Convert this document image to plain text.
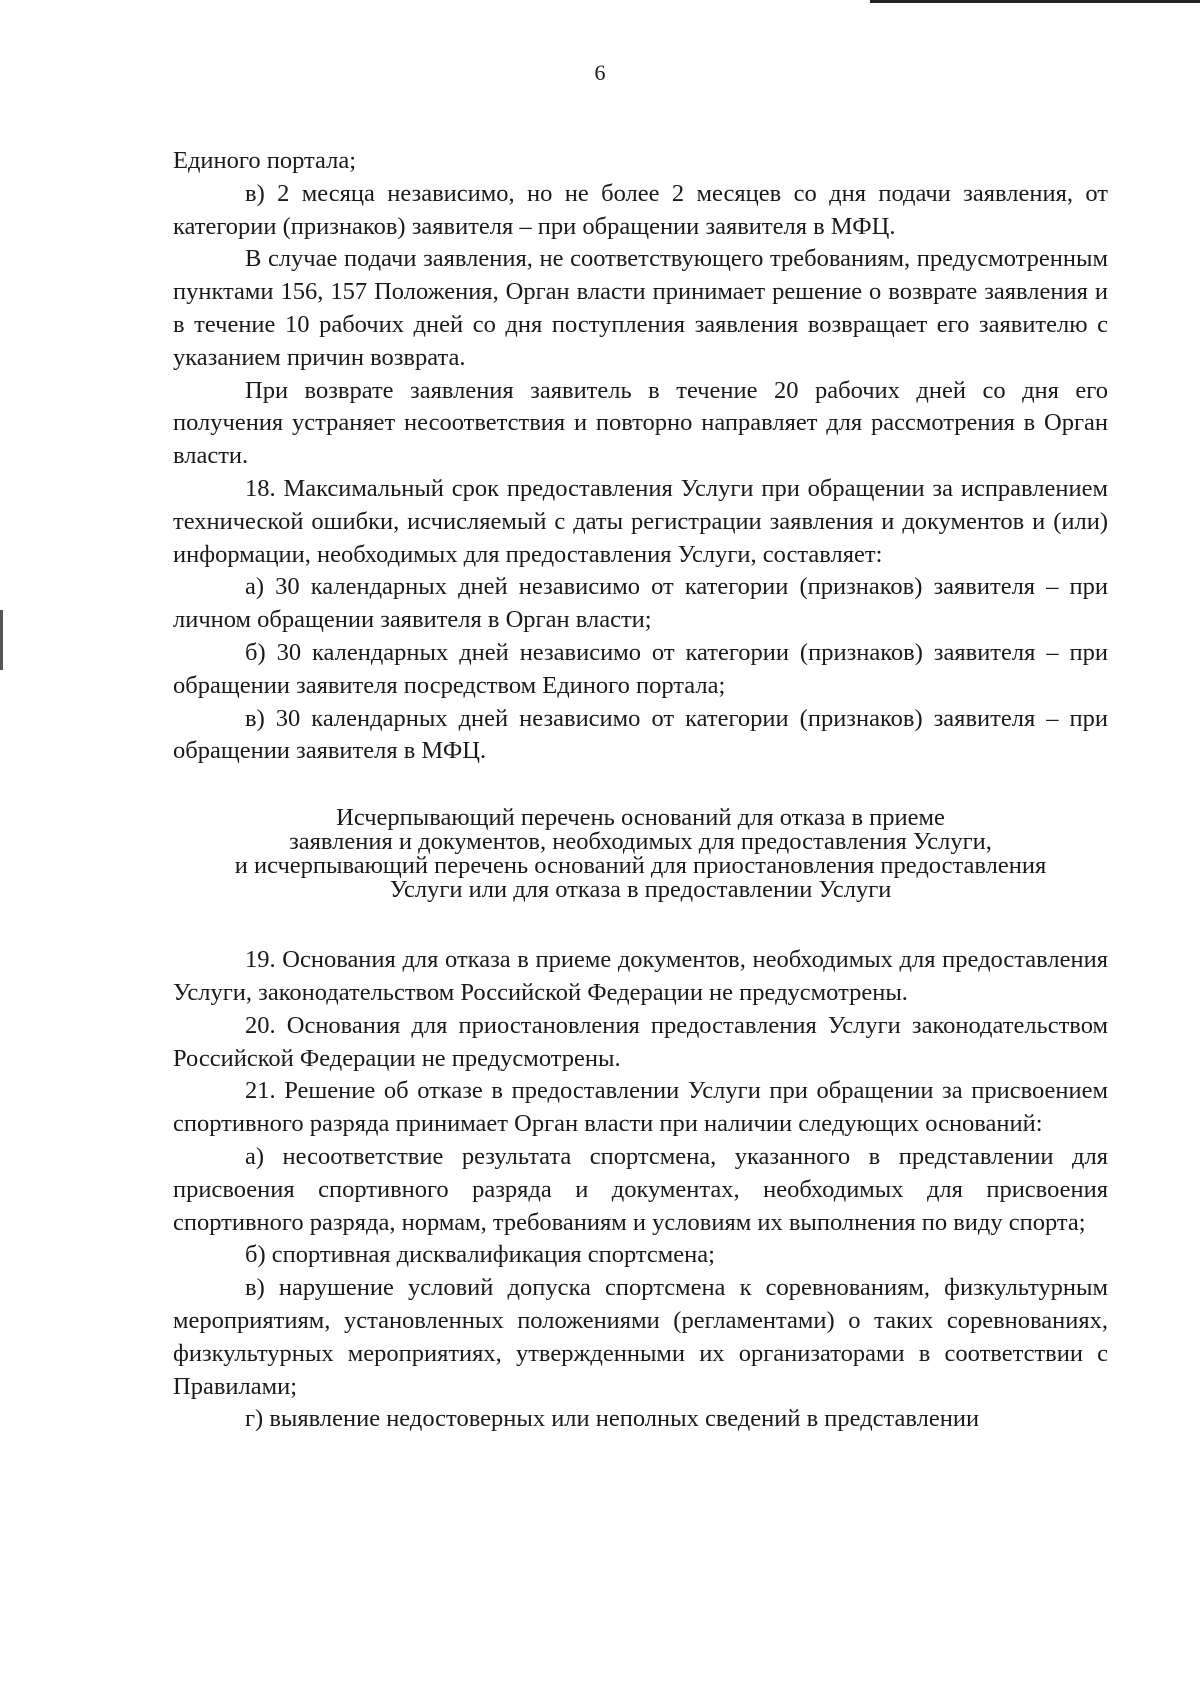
6

Единого портала;

в) 2 месяца независимо, но не более 2 месяцев со дня подачи заявления, от категории (признаков) заявителя – при обращении заявителя в МФЦ.

В случае подачи заявления, не соответствующего требованиям, предусмотренным пунктами 156, 157 Положения, Орган власти принимает решение о возврате заявления и в течение 10 рабочих дней со дня поступления заявления возвращает его заявителю с указанием причин возврата.

При возврате заявления заявитель в течение 20 рабочих дней со дня его получения устраняет несоответствия и повторно направляет для рассмотрения в Орган власти.

18. Максимальный срок предоставления Услуги при обращении за исправлением технической ошибки, исчисляемый с даты регистрации заявления и документов и (или) информации, необходимых для предоставления Услуги, составляет:

а) 30 календарных дней независимо от категории (признаков) заявителя – при личном обращении заявителя в Орган власти;

б) 30 календарных дней независимо от категории (признаков) заявителя – при обращении заявителя посредством Единого портала;

в) 30 календарных дней независимо от категории (признаков) заявителя – при обращении заявителя в МФЦ.

Исчерпывающий перечень оснований для отказа в приеме
заявления и документов, необходимых для предоставления Услуги,
и исчерпывающий перечень оснований для приостановления предоставления
Услуги или для отказа в предоставлении Услуги

19. Основания для отказа в приеме документов, необходимых для предоставления Услуги, законодательством Российской Федерации не предусмотрены.

20. Основания для приостановления предоставления Услуги законодательством Российской Федерации не предусмотрены.

21. Решение об отказе в предоставлении Услуги при обращении за присвоением спортивного разряда принимает Орган власти при наличии следующих оснований:

а) несоответствие результата спортсмена, указанного в представлении для присвоения спортивного разряда и документах, необходимых для присвоения спортивного разряда, нормам, требованиям и условиям их выполнения по виду спорта;

б) спортивная дисквалификация спортсмена;

в) нарушение условий допуска спортсмена к соревнованиям, физкультурным мероприятиям, установленных положениями (регламентами) о таких соревнованиях, физкультурных мероприятиях, утвержденными их организаторами в соответствии с Правилами;

г) выявление недостоверных или неполных сведений в представлении
